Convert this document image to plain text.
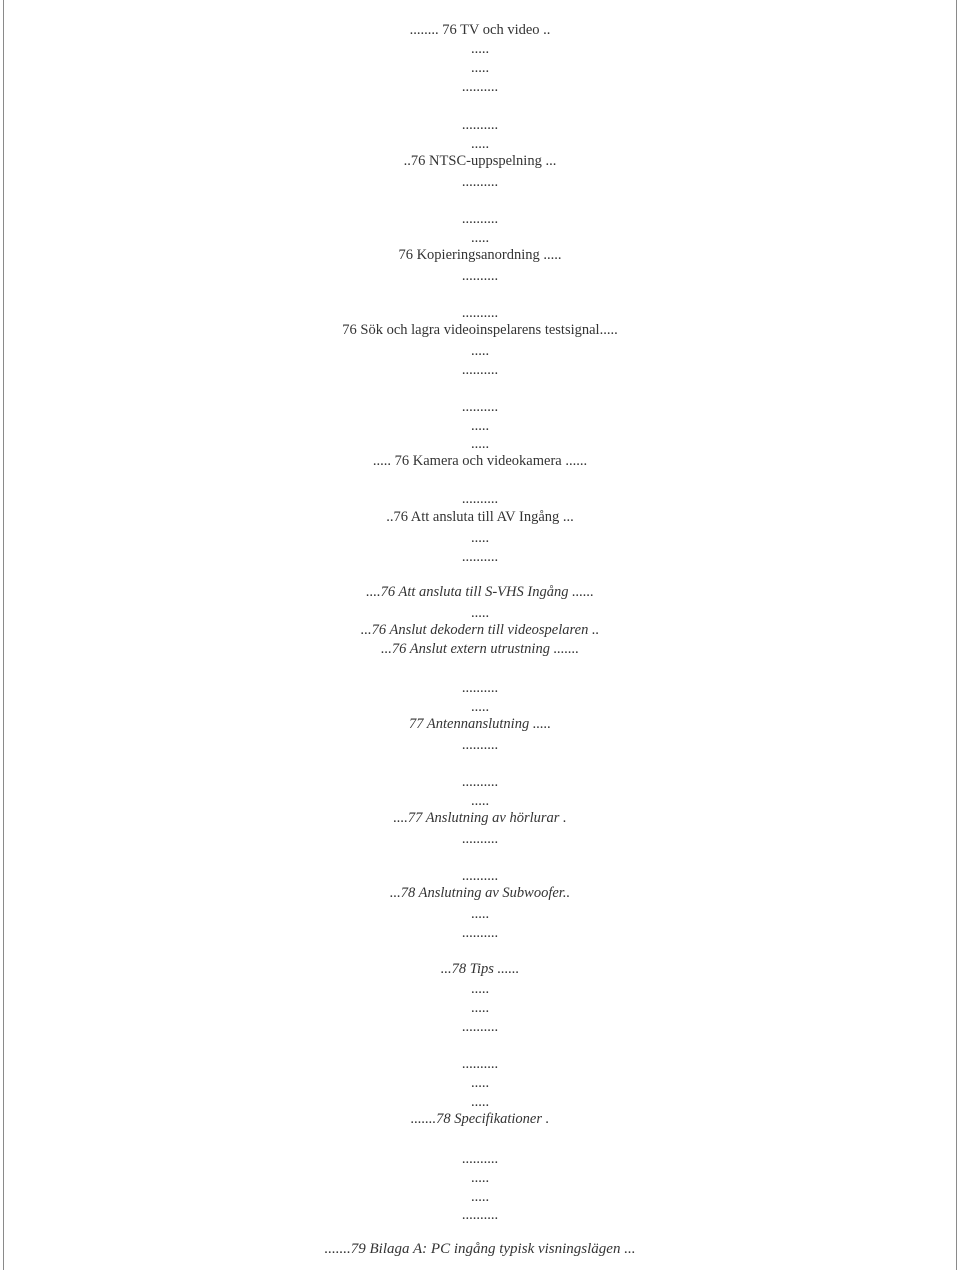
........ 76 TV och video ..

.....

.....

..........

..........

.....

..76 NTSC-uppspelning ...

..........

..........

.....

76 Kopieringsanordning .....

..........

..........

76 Sök och lagra videoinspelarens testsignal.....

.....

..........

..........

.....

.....

..... 76 Kamera och videokamera ......

..........

..76 Att ansluta till AV Ingång ...

.....

..........

....76 Att ansluta till S-VHS Ingång ......

.....

...76 Anslut dekodern till videospelaren ..

...76 Anslut extern utrustning .......

..........

.....

77 Antennanslutning .....

..........

..........

.....

....77 Anslutning av hörlurar .

..........

..........

...78 Anslutning av Subwoofer..

.....

..........

...78 Tips ......

.....

.....

..........

..........

.....

.....

.......78 Specifikationer .

..........

.....

.....

..........

.......79 Bilaga A: PC ingång typisk visningslägen ...
